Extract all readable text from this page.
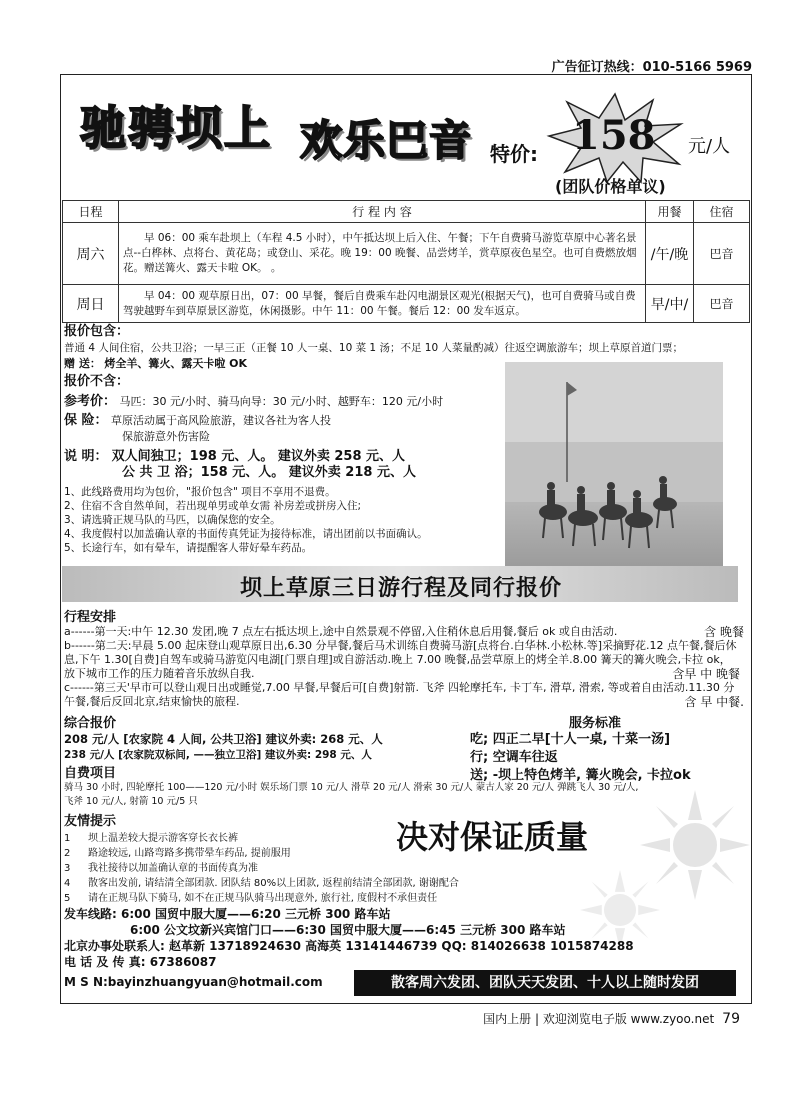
广告征订热线：010-5166 5969
驰骋坝上 欢乐巴音 特价: 158 元/人
(团队价格单议)
日程	行 程 内 容	用餐	住宿
周六	早 06：00 乘车赴坝上（车程 4.5 小时），中午抵达坝上后入住、午餐；下午自费骑马游览草原中心著名景点--白桦林、点将台、黄花岛；或登山、采花。晚 19：00 晚餐、品尝烤羊，赏草原夜色星空。也可自费燃放烟花。赠送篝火、露天卡啦 OK。 。	/午/晚	巴音
周日	早 04：00 观草原日出，07：00 早餐，餐后自费乘车赴闪电湖景区观光(根据天气)，也可自费骑马或自费驾驶越野车到草原景区游览，休闲摄影。中午 11：00 午餐。餐后 12：00 发车返京。	早/中/	巴音
报价包含：
普通 4 人间住宿，公共卫浴；一早三正（正餐 10 人一桌、10 菜 1 汤；不足 10 人菜量酌减）往返空调旅游车；坝上草原首道门票；
赠 送： 烤全羊、篝火、露天卡啦 OK
报价不含：
参考价： 马匹：30 元/小时、骑马向导：30 元/小时、越野车：120 元/小时
保 险： 草原活动属于高风险旅游，建议各社为客人投
保旅游意外伤害险
说 明： 双人间独卫；198 元、人。 建议外卖 258 元、人
公 共 卫 浴；158 元、人。 建议外卖 218 元、人
1、此线路费用均为包价，"报价包含" 项目不享用不退费。
2、住宿不含自然单间，若出现单男或单女需 补房差或拼房入住;
3、请选骑正规马队的马匹，以确保您的安全。
4、我度假村以加盖确认章的书面传真凭证为接待标准，请出团前以书面确认。
5、长途行车，如有晕车，请提醒客人带好晕车药品。
坝上草原三日游行程及同行报价
行程安排
a------第一天:中午 12.30 发团,晚 7 点左右抵达坝上,途中自然景观不停留,入住稍休息后用餐,餐后 ok 或自由活动.	含 晚餐
b------第二天:早晨 5.00 起床登山观草原日出,6.30 分早餐,餐后马术训练自费骑马游[点将台.白华林.小松林.等]采摘野花.12 点午餐,餐后休息,下午 1.30[自费]自驾车或骑马游览闪电湖[门票自理]或自游活动.晚上 7.00 晚餐,品尝草原上的烤全羊.8.00 篝天的篝火晚会,卡拉 ok，放下城市工作的压力随着音乐放纵自我.	含早 中 晚餐
c------第三天'早市可以登山观日出或睡觉,7.00 早餐,早餐后可[自费]射箭. 飞斧 四轮摩托车, 卡丁车, 滑草, 滑索, 等或着自由活动.11.30 分午餐,餐后反回北京,结束愉快的旅程.	含 早 中餐.
综合报价
208 元/人 [农家院 4 人间, 公共卫浴] 建议外卖: 268 元、人
238 元/人 [农家院双标间, ——独立卫浴] 建议外卖: 298 元、人
服务标准
吃; 四正二早[十人一桌, 十菜一汤]
行; 空调车往返
送; -坝上特色烤羊, 篝火晚会, 卡拉ok
自费项目
骑马 30 小时, 四轮摩托 100——120 元/小时 娱乐场门票 10 元/人 滑草 20 元/人 滑索 30 元/人 蒙古人家 20 元/人 弹跳飞人 30 元/人,
飞斧 10 元/人, 射箭 10 元/5 只
友情提示
1 坝上温差较大提示游客穿长衣长裤
2 路途较远, 山路弯路多携带晕车药品, 提前服用
3 我社接待以加盖确认章的书面传真为准
4 散客出发前, 请结清全部团款. 团队结 80%以上团款, 返程前结清全部团款, 谢谢配合
5 请在正规马队下骑马, 如不在正规马队骑马出现意外, 旅行社, 度假村不承但责任
决对保证质量
发车线路: 6:00 国贸中服大厦——6:20 三元桥 300 路车站
6:00 公文坟新兴宾馆门口——6:30 国贸中服大厦——6:45 三元桥 300 路车站
北京办事处联系人: 赵革新 13718924630 高海英 13141446739 QQ: 814026638 1015874288
电 话 及 传 真: 67386087
M S N:bayinzhuangyuan@hotmail.com	散客周六发团、团队天天发团、十人以上随时发团
国内上册 | 欢迎浏览电子版 www.zyoo.net 79
